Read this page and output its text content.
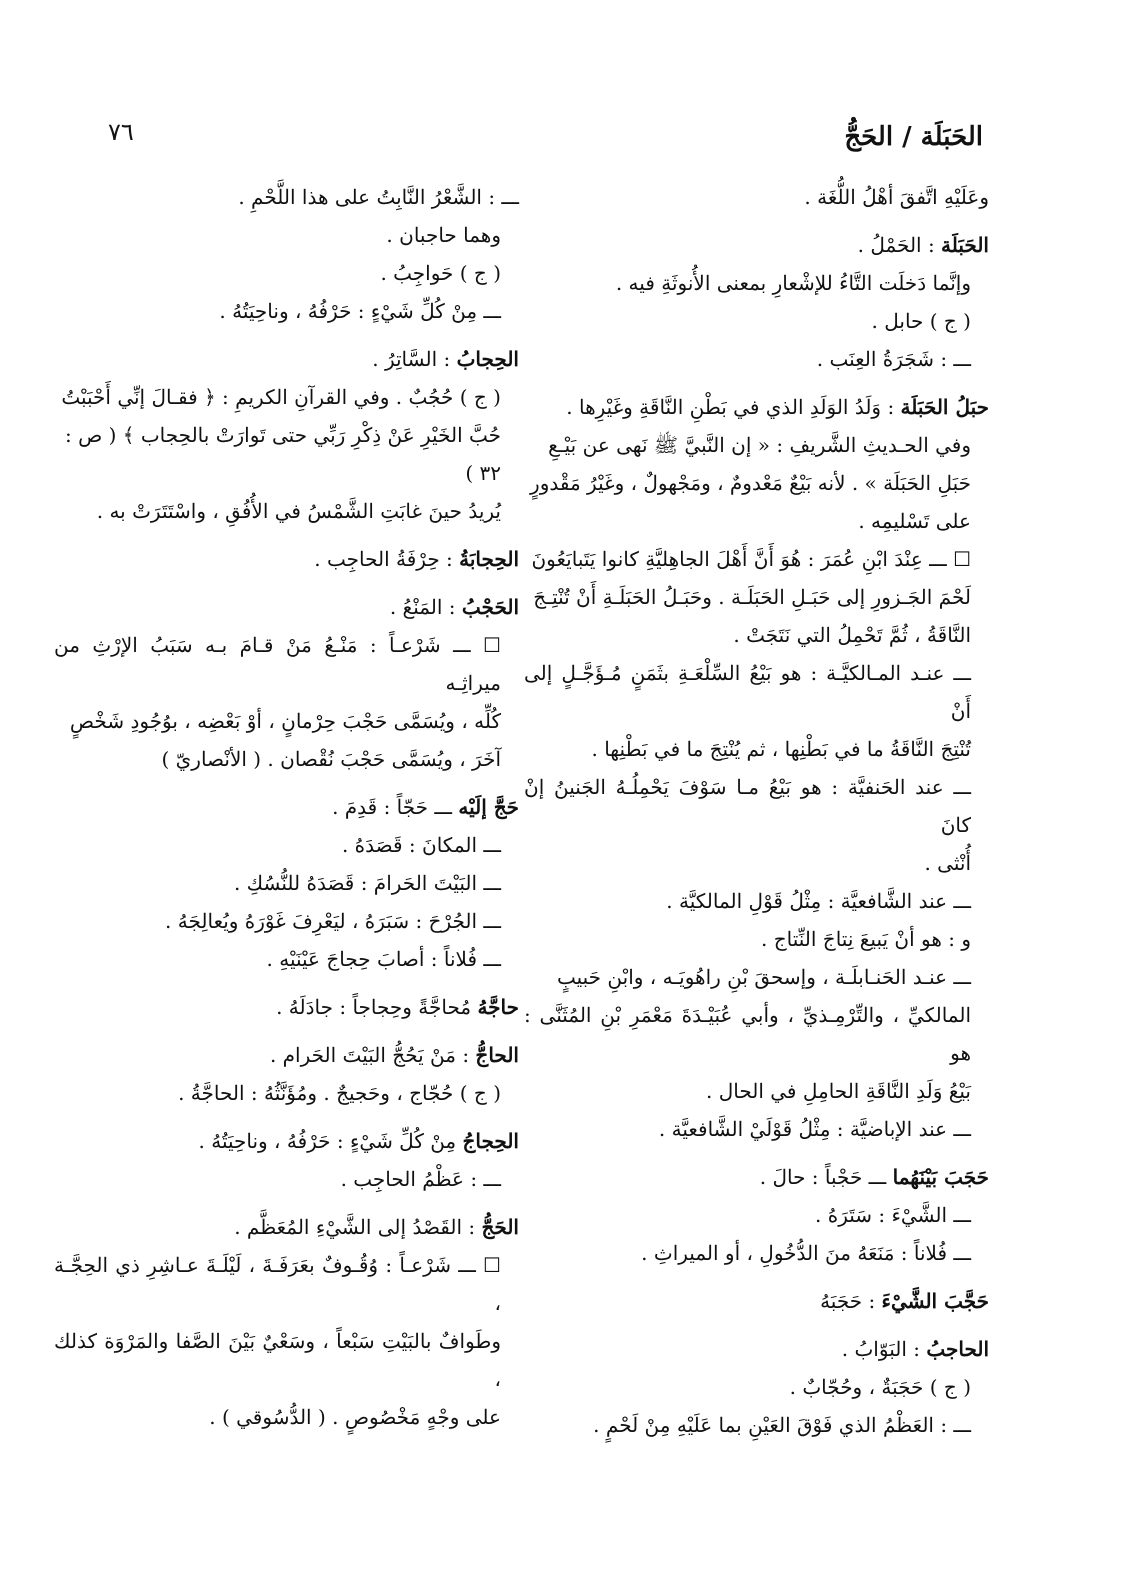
الحَبَلَة / الحَجُّ
٧٦
وعَلَيْهِ اتَّفقَ أهْلُ اللُّغَة .
الحَبَلَة : الحَمْلُ .
وإنَّما دَخلَت التَّاءُ للإشْعارِ بمعنى الأُنوثَةِ فيه .
( ج ) حابل .
ـــ : شَجَرَةُ العِنَب .
حبَلُ الحَبَلَة : وَلَدُ الوَلَدِ الذي في بَطْنِ النَّاقَةِ وغَيْرِها .
وفي الحـديثِ الشَّريفِ : « إن النَّبيَّ ﷺ نَهى عن بَيْـعِ
حَبَلِ الحَبَلَة » . لأنه بَيْعٌ مَعْدومٌ ، ومَجْهولٌ ، وغَيْرُ مَقْدورٍ
على تَسْليمِه .
☐ ـــ عِنْدَ ابْنِ عُمَرَ : هُوَ أَنَّ أَهْلَ الجاهِليَّةِ كانوا يَتَبايَعُونَ
لَحْمَ الجَـزورِ إلى حَبَـلِ الحَبَلَـة . وحَبَـلُ الحَبَلَـةِ أَنْ تُنْتِـجَ
النَّاقَةُ ، ثُمَّ تَحْمِلُ التي نَتَجَتْ .
ـــ عنـد المـالكيَّـة : هو بَيْعُ السِّلْعَـةِ بثَمَنٍ مُـؤَجَّـلٍ إلى أَنْ
تُنْتِجَ النَّاقَةُ ما في بَطْنِها ، ثم يُنْتِجَ ما في بَطْنِها .
ـــ عند الحَنفيَّة : هو بَيْعُ مـا سَوْفَ يَحْمِلُـهُ الجَنينُ إنْ كانَ
أُنْثى .
ـــ عند الشَّافعيَّة : مِثْلُ قَوْلِ المالكيَّة .
و : هو أنْ يَبيعَ نِتاجَ النِّتاج .
ـــ عنـد الحَنـابلَـة ، وإسحقَ بْنِ راهُويَـه ، وابْنِ حَبيبٍ
المالكيِّ ، والتِّرْمِـذيِّ ، وأبي عُبَيْـدَةَ مَعْمَرِ بْنِ المُثَنَّى : هو
بَيْعُ وَلَدِ النَّاقَةِ الحامِلِ في الحال .
ـــ عند الإباضيَّة : مِثْلُ قَوْلَيْ الشَّافعيَّة .
حَجَبَ بَيْنَهُما ـــ حَجْباً : حالَ .
ـــ الشَّيْءَ : سَتَرَهُ .
ـــ فُلاناً : مَنَعَهُ منَ الدُّخُولِ ، أو الميراثِ .
حَجَّبَ الشَّيْءَ : حَجَبَهُ
الحاجبُ : البَوّابُ .
( ج ) حَجَبَةٌ ، وحُجّابٌ .
ـــ : العَظْمُ الذي فَوْقَ العَيْنِ بما عَلَيْهِ مِنْ لَحْمٍ .
ـــ : الشَّعْرُ النَّابِتُ على هذا اللَّحْمِ .
وهما حاجبان .
( ج ) حَواجِبُ .
ـــ مِنْ كُلِّ شَيْءٍ : حَرْفُهُ ، وناحِيَتُهُ .
الحِجابُ : السَّاتِرُ .
( ج ) حُجُبٌ . وفي القرآنِ الكريمِ : ﴿ فقـالَ إنِّي أَحْبَبْتُ
حُبَّ الخَيْرِ عَنْ ذِكْرِ رَبِّي حتى تَوارَتْ بالحِجاب ﴾ ( ص :
٣٢ )
يُريدُ حينَ غابَتِ الشَّمْسُ في الأُفُقِ ، واسْتَتَرَتْ به .
الحِجابَةُ : حِرْفَةُ الحاجِب .
الحَجْبُ : المَنْعُ .
☐ ـــ شَرْعـاً : مَنْـعُ مَنْ قـامَ بـه سَبَبُ الإرْثِ من ميراثِـه
كُلِّه ، ويُسَمَّى حَجْبَ حِرْمانٍ ، أوْ بَعْضِه ، بوُجُودِ شَخْصٍ
آخَرَ ، ويُسَمَّى حَجْبَ نُقْصان . ( الأنْصاريّ )
حَجَّ إلَيْه ـــ حَجّاً : قَدِمَ .
ـــ المكانَ : قَصَدَهُ .
ـــ البَيْتَ الحَرامَ : قَصَدَهُ للنُّسُكِ .
ـــ الجُرْحَ : سَبَرَهُ ، ليَعْرِفَ غَوْرَهُ ويُعالِجَهُ .
ـــ فُلاناً : أصابَ حِجاجَ عَيْنَيْهِ .
حاجَّهُ مُحاجَّةً وحِجاجاً : جادَلَهُ .
الحاجُّ : مَنْ يَحُجُّ البَيْتَ الحَرام .
( ج ) حُجّاج ، وحَجيجٌ . ومُؤَنَّثُهُ : الحاجَّةُ .
الحِجاجُ مِنْ كُلِّ شَيْءٍ : حَرْفُهُ ، وناحِيَتُهُ .
ـــ : عَظْمُ الحاجِب .
الحَجُّ : القَصْدُ إلى الشَّيْءِ المُعَظَّم .
☐ ـــ شَرْعـاً : وُقُـوفٌ بعَرَفَـةَ ، لَيْلَـةَ عـاشِرِ ذي الحِجَّـة ،
وطَوافٌ بالبَيْتِ سَبْعاً ، وسَعْيٌ بَيْنَ الصَّفا والمَرْوَة كذلك ،
على وجْهٍ مَخْصُوصٍ . ( الدُّسُوقي ) .
